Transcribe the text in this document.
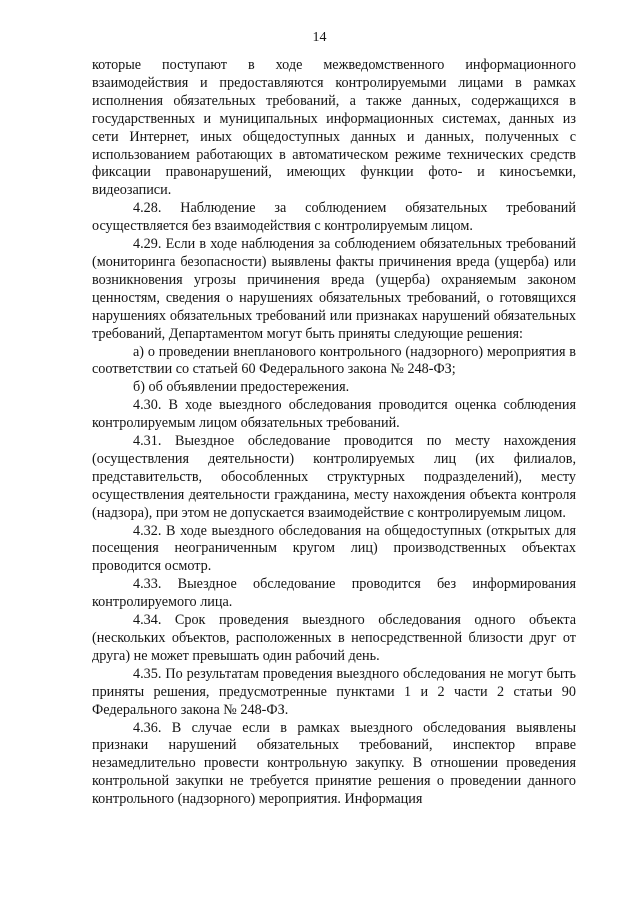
14

которые поступают в ходе межведомственного информационного взаимодействия и предоставляются контролируемыми лицами в рамках исполнения обязательных требований, а также данных, содержащихся в государственных и муниципальных информационных системах, данных из сети Интернет, иных общедоступных данных и данных, полученных с использованием работающих в автоматическом режиме технических средств фиксации правонарушений, имеющих функции фото- и киносъемки, видеозаписи.

4.28. Наблюдение за соблюдением обязательных требований осуществляется без взаимодействия с контролируемым лицом.

4.29. Если в ходе наблюдения за соблюдением обязательных требований (мониторинга безопасности) выявлены факты причинения вреда (ущерба) или возникновения угрозы причинения вреда (ущерба) охраняемым законом ценностям, сведения о нарушениях обязательных требований, о готовящихся нарушениях обязательных требований или признаках нарушений обязательных требований, Департаментом могут быть приняты следующие решения:

а) о проведении внепланового контрольного (надзорного) мероприятия в соответствии со статьей 60 Федерального закона № 248-ФЗ;

б) об объявлении предостережения.

4.30. В ходе выездного обследования проводится оценка соблюдения контролируемым лицом обязательных требований.

4.31. Выездное обследование проводится по месту нахождения (осуществления деятельности) контролируемых лиц (их филиалов, представительств, обособленных структурных подразделений), месту осуществления деятельности гражданина, месту нахождения объекта контроля (надзора), при этом не допускается взаимодействие с контролируемым лицом.

4.32. В ходе выездного обследования на общедоступных (открытых для посещения неограниченным кругом лиц) производственных объектах проводится осмотр.

4.33. Выездное обследование проводится без информирования контролируемого лица.

4.34. Срок проведения выездного обследования одного объекта (нескольких объектов, расположенных в непосредственной близости друг от друга) не может превышать один рабочий день.

4.35. По результатам проведения выездного обследования не могут быть приняты решения, предусмотренные пунктами 1 и 2 части 2 статьи 90 Федерального закона № 248-ФЗ.

4.36. В случае если в рамках выездного обследования выявлены признаки нарушений обязательных требований, инспектор вправе незамедлительно провести контрольную закупку. В отношении проведения контрольной закупки не требуется принятие решения о проведении данного контрольного (надзорного) мероприятия. Информация
